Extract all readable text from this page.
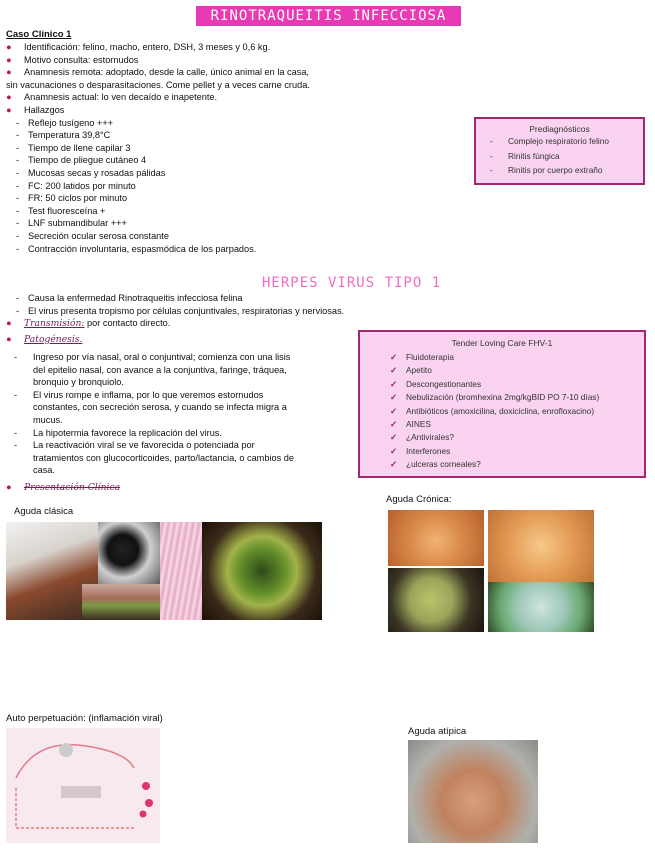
RINOTRAQUEITIS INFECCIOSA FELINA
Caso Clínico 1
● Identificación: felino, macho, entero, DSH, 3 meses y 0,6 kg.
● Motivo consulta: estornudos
● Anamnesis remota: adoptado, desde la calle, único animal en la casa,
sin vacunaciones o desparasitaciones. Come pellet y a veces carne cruda.
● Anamnesis actual: lo ven decaído e inapetente.
● Hallazgos
- Reflejo tusígeno +++
- Temperatura 39,8°C
- Tiempo de llene capilar 3
- Tiempo de pliegue cutáneo 4
- Mucosas secas y rosadas pálidas
- FC: 200 latidos por minuto
- FR: 50 ciclos por minuto
- Test fluoresceína +
- LNF submandibular +++
- Secreción ocular serosa constante
- Contracción involuntaria, espasmódica de los parpados.
Prediagnósticos
- Complejo respiratorio felino
- Rinitis fúngica
- Rinitis por cuerpo extraño
HERPES VIRUS TIPO 1
- Causa la enfermedad Rinotraqueitis infecciosa felina
- El virus presenta tropismo por células conjuntivales, respiratorias y nerviosas.
● Transmisión: por contacto directo.
● Patogénesis.
- Ingreso por vía nasal, oral o conjuntival; comienza con una lisis
del epitelio nasal, con avance a la conjuntiva, faringe, tráquea,
bronquio y bronquiolo.
- El virus rompe e inflama, por lo que veremos estornudos
constantes, con secreción serosa, y cuando se infecta migra a
mucus.
- La hipotermia favorece la replicación del virus.
- La reactivación viral se ve favorecida o potenciada por
tratamientos con glucocorticoides, parto/lactancia, o cambios de
casa.
● Presentación Clínica
Tender Loving Care FHV-1
✓ Fluidoterapia
✓ Apetito
✓ Descongestionantes
✓ Nebulización (bromhexina 2mg/kgBID PO 7-10 días)
✓ Antibióticos (amoxicilina, doxiciclina, enrofloxacino)
✓ AINES
✓ ¿Antivirales?
✓ Interferones
✓ ¿ulceras corneales?
Aguda clásica
Aguda Crónica:
Auto perpetuación: (inflamación viral)
Aguda atípica
